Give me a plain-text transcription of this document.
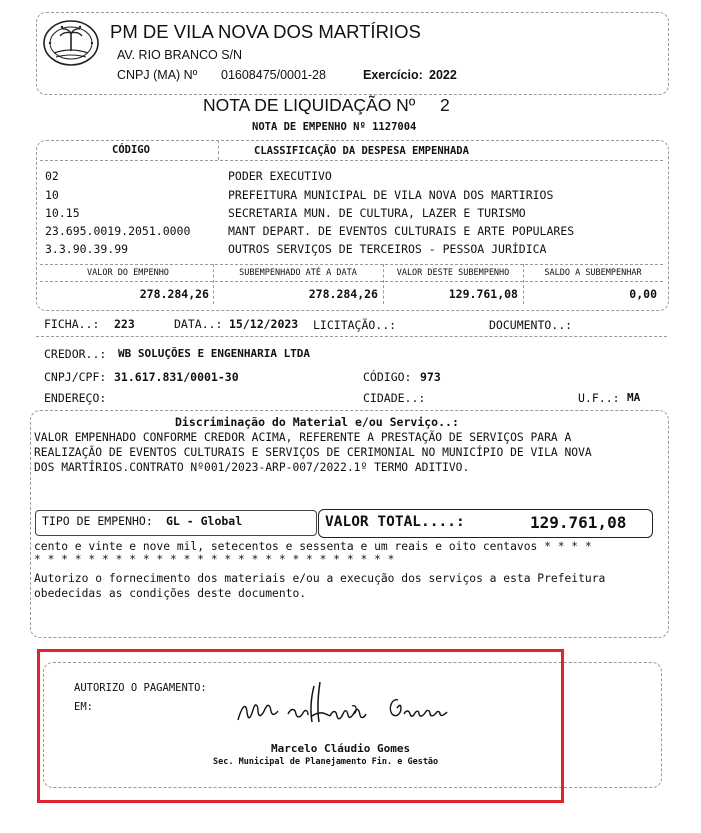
PM DE VILA NOVA DOS MARTÍRIOS
AV. RIO BRANCO S/N
CNPJ (MA) Nº 01608475/0001-28	Exercício: 2022
NOTA DE LIQUIDAÇÃO Nº 2
NOTA DE EMPENHO Nº 1127004
CÓDIGO	CLASSIFICAÇÃO DA DESPESA EMPENHADA
02	PODER EXECUTIVO
10	PREFEITURA MUNICIPAL DE VILA NOVA DOS MARTIRIOS
10.15	SECRETARIA MUN. DE CULTURA, LAZER E TURISMO
23.695.0019.2051.0000	MANT DEPART. DE EVENTOS CULTURAIS E ARTE POPULARES
3.3.90.39.99	OUTROS SERVIÇOS DE TERCEIROS - PESSOA JURÍDICA
VALOR DO EMPENHO	SUBEMPENHADO ATÉ A DATA	VALOR DESTE SUBEMPENHO	SALDO A SUBEMPENHAR
278.284,26	278.284,26	129.761,08	0,00
FICHA..: 223	DATA..: 15/12/2023 LICITAÇÃO..:	DOCUMENTO..:
CREDOR..: WB SOLUÇÕES E ENGENHARIA LTDA
CNPJ/CPF: 31.617.831/0001-30	CÓDIGO: 973
ENDEREÇO:	CIDADE..:	U.F..: MA
Discriminação do Material e/ou Serviço..:
VALOR EMPENHADO CONFORME CREDOR ACIMA, REFERENTE A PRESTAÇÃO DE SERVIÇOS PARA A
REALIZAÇÃO DE EVENTOS CULTURAIS E SERVIÇOS DE CERIMONIAL NO MUNICÍPIO DE VILA NOVA
DOS MARTÍRIOS.CONTRATO Nº001/2023-ARP-007/2022.1º TERMO ADITIVO.
TIPO DE EMPENHO: GL - Global	VALOR TOTAL....:	129.761,08
cento e vinte e nove mil, setecentos e sessenta e um reais e oito centavos * * * *
* * * * * * * * * * * * * * * * * * * * * * * * * * *
Autorizo o fornecimento dos materiais e/ou a execução dos serviços a esta Prefeitura
obedecidas as condições deste documento.
AUTORIZO O PAGAMENTO:
EM:
Marcelo Cláudio Gomes
Sec. Municipal de Planejamento Fin. e Gestão
